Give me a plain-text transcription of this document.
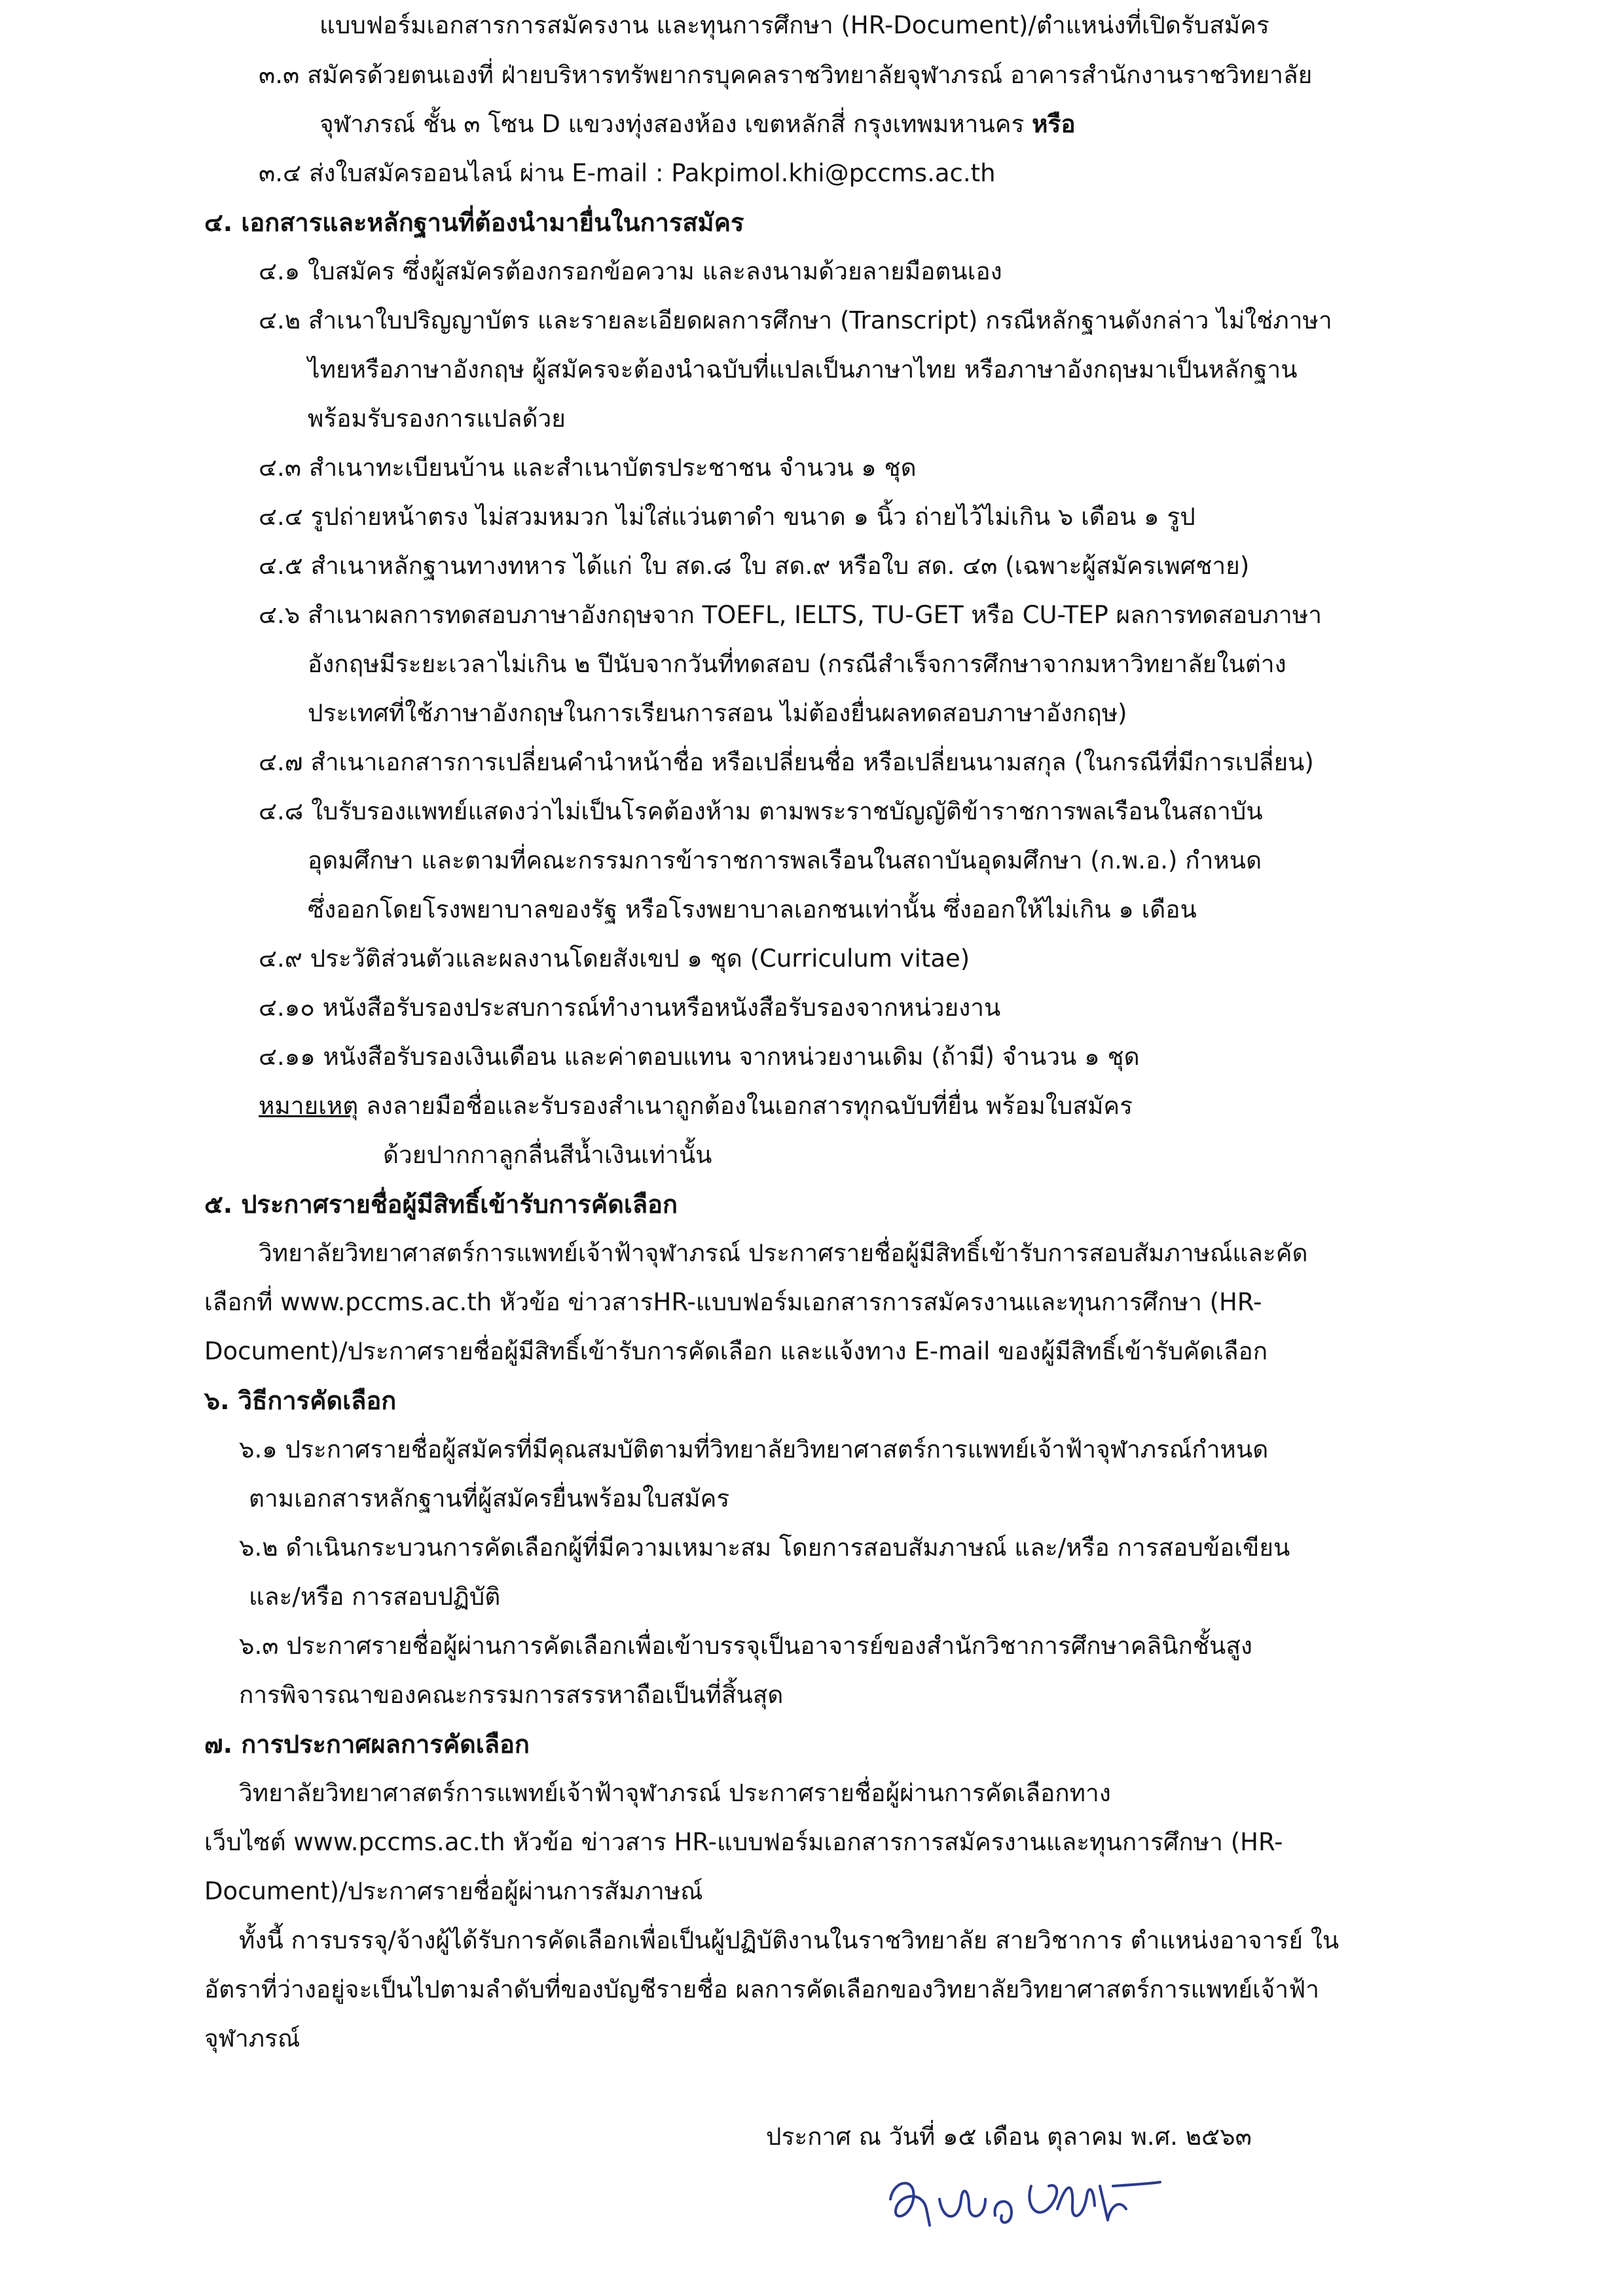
แบบฟอร์มเอกสารการสมัครงาน และทุนการศึกษา (HR-Document)/ตำแหน่งที่เปิดรับสมัคร

๓.๓ สมัครด้วยตนเองที่ ฝ่ายบริหารทรัพยากรบุคคลราชวิทยาลัยจุฬาภรณ์ อาคารสำนักงานราชวิทยาลัย

จุฬาภรณ์ ชั้น ๓ โซน D แขวงทุ่งสองห้อง เขตหลักสี่ กรุงเทพมหานคร หรือ

๓.๔ ส่งใบสมัครออนไลน์ ผ่าน E-mail : Pakpimol.khi@pccms.ac.th

๔. เอกสารและหลักฐานที่ต้องนำมายื่นในการสมัคร

๔.๑ ใบสมัคร ซึ่งผู้สมัครต้องกรอกข้อความ และลงนามด้วยลายมือตนเอง

๔.๒ สำเนาใบปริญญาบัตร และรายละเอียดผลการศึกษา (Transcript) กรณีหลักฐานดังกล่าว ไม่ใช่ภาษา

ไทยหรือภาษาอังกฤษ ผู้สมัครจะต้องนำฉบับที่แปลเป็นภาษาไทย หรือภาษาอังกฤษมาเป็นหลักฐาน

พร้อมรับรองการแปลด้วย

๔.๓ สำเนาทะเบียนบ้าน และสำเนาบัตรประชาชน จำนวน ๑ ชุด

๔.๔ รูปถ่ายหน้าตรง ไม่สวมหมวก ไม่ใส่แว่นตาดำ ขนาด ๑ นิ้ว ถ่ายไว้ไม่เกิน ๖ เดือน ๑ รูป

๔.๕ สำเนาหลักฐานทางทหาร ได้แก่ ใบ สด.๘ ใบ สด.๙ หรือใบ สด. ๔๓ (เฉพาะผู้สมัครเพศชาย)

๔.๖ สำเนาผลการทดสอบภาษาอังกฤษจาก TOEFL, IELTS, TU-GET หรือ CU-TEP ผลการทดสอบภาษา

อังกฤษมีระยะเวลาไม่เกิน ๒ ปีนับจากวันที่ทดสอบ (กรณีสำเร็จการศึกษาจากมหาวิทยาลัยในต่าง

ประเทศที่ใช้ภาษาอังกฤษในการเรียนการสอน ไม่ต้องยื่นผลทดสอบภาษาอังกฤษ)

๔.๗ สำเนาเอกสารการเปลี่ยนคำนำหน้าชื่อ หรือเปลี่ยนชื่อ หรือเปลี่ยนนามสกุล (ในกรณีที่มีการเปลี่ยน)

๔.๘ ใบรับรองแพทย์แสดงว่าไม่เป็นโรคต้องห้าม ตามพระราชบัญญัติข้าราชการพลเรือนในสถาบัน

อุดมศึกษา และตามที่คณะกรรมการข้าราชการพลเรือนในสถาบันอุดมศึกษา (ก.พ.อ.) กำหนด

ซึ่งออกโดยโรงพยาบาลของรัฐ หรือโรงพยาบาลเอกชนเท่านั้น ซึ่งออกให้ไม่เกิน ๑ เดือน

๔.๙ ประวัติส่วนตัวและผลงานโดยสังเขป ๑ ชุด (Curriculum vitae)

๔.๑๐ หนังสือรับรองประสบการณ์ทำงานหรือหนังสือรับรองจากหน่วยงาน

๔.๑๑ หนังสือรับรองเงินเดือน และค่าตอบแทน จากหน่วยงานเดิม (ถ้ามี) จำนวน ๑ ชุด

หมายเหตุ ลงลายมือชื่อและรับรองสำเนาถูกต้องในเอกสารทุกฉบับที่ยื่น พร้อมใบสมัคร

ด้วยปากกาลูกลื่นสีน้ำเงินเท่านั้น

๕. ประกาศรายชื่อผู้มีสิทธิ์เข้ารับการคัดเลือก

วิทยาลัยวิทยาศาสตร์การแพทย์เจ้าฟ้าจุฬาภรณ์ ประกาศรายชื่อผู้มีสิทธิ์เข้ารับการสอบสัมภาษณ์และคัด

เลือกที่ www.pccms.ac.th หัวข้อ ข่าวสารHR-แบบฟอร์มเอกสารการสมัครงานและทุนการศึกษา (HR-

Document)/ประกาศรายชื่อผู้มีสิทธิ์เข้ารับการคัดเลือก และแจ้งทาง E-mail ของผู้มีสิทธิ์เข้ารับคัดเลือก

๖. วิธีการคัดเลือก

๖.๑ ประกาศรายชื่อผู้สมัครที่มีคุณสมบัติตามที่วิทยาลัยวิทยาศาสตร์การแพทย์เจ้าฟ้าจุฬาภรณ์กำหนด

ตามเอกสารหลักฐานที่ผู้สมัครยื่นพร้อมใบสมัคร

๖.๒ ดำเนินกระบวนการคัดเลือกผู้ที่มีความเหมาะสม โดยการสอบสัมภาษณ์ และ/หรือ การสอบข้อเขียน

และ/หรือ การสอบปฏิบัติ

๖.๓ ประกาศรายชื่อผู้ผ่านการคัดเลือกเพื่อเข้าบรรจุเป็นอาจารย์ของสำนักวิชาการศึกษาคลินิกชั้นสูง

การพิจารณาของคณะกรรมการสรรหาถือเป็นที่สิ้นสุด

๗. การประกาศผลการคัดเลือก

วิทยาลัยวิทยาศาสตร์การแพทย์เจ้าฟ้าจุฬาภรณ์ ประกาศรายชื่อผู้ผ่านการคัดเลือกทาง

เว็บไซต์ www.pccms.ac.th หัวข้อ ข่าวสาร HR-แบบฟอร์มเอกสารการสมัครงานและทุนการศึกษา (HR-

Document)/ประกาศรายชื่อผู้ผ่านการสัมภาษณ์

ทั้งนี้ การบรรจุ/จ้างผู้ได้รับการคัดเลือกเพื่อเป็นผู้ปฏิบัติงานในราชวิทยาลัย สายวิชาการ ตำแหน่งอาจารย์ ใน

อัตราที่ว่างอยู่จะเป็นไปตามลำดับที่ของบัญชีรายชื่อ ผลการคัดเลือกของวิทยาลัยวิทยาศาสตร์การแพทย์เจ้าฟ้า

จุฬาภรณ์

ประกาศ ณ วันที่ ๑๕ เดือน ตุลาคม พ.ศ. ๒๕๖๓
